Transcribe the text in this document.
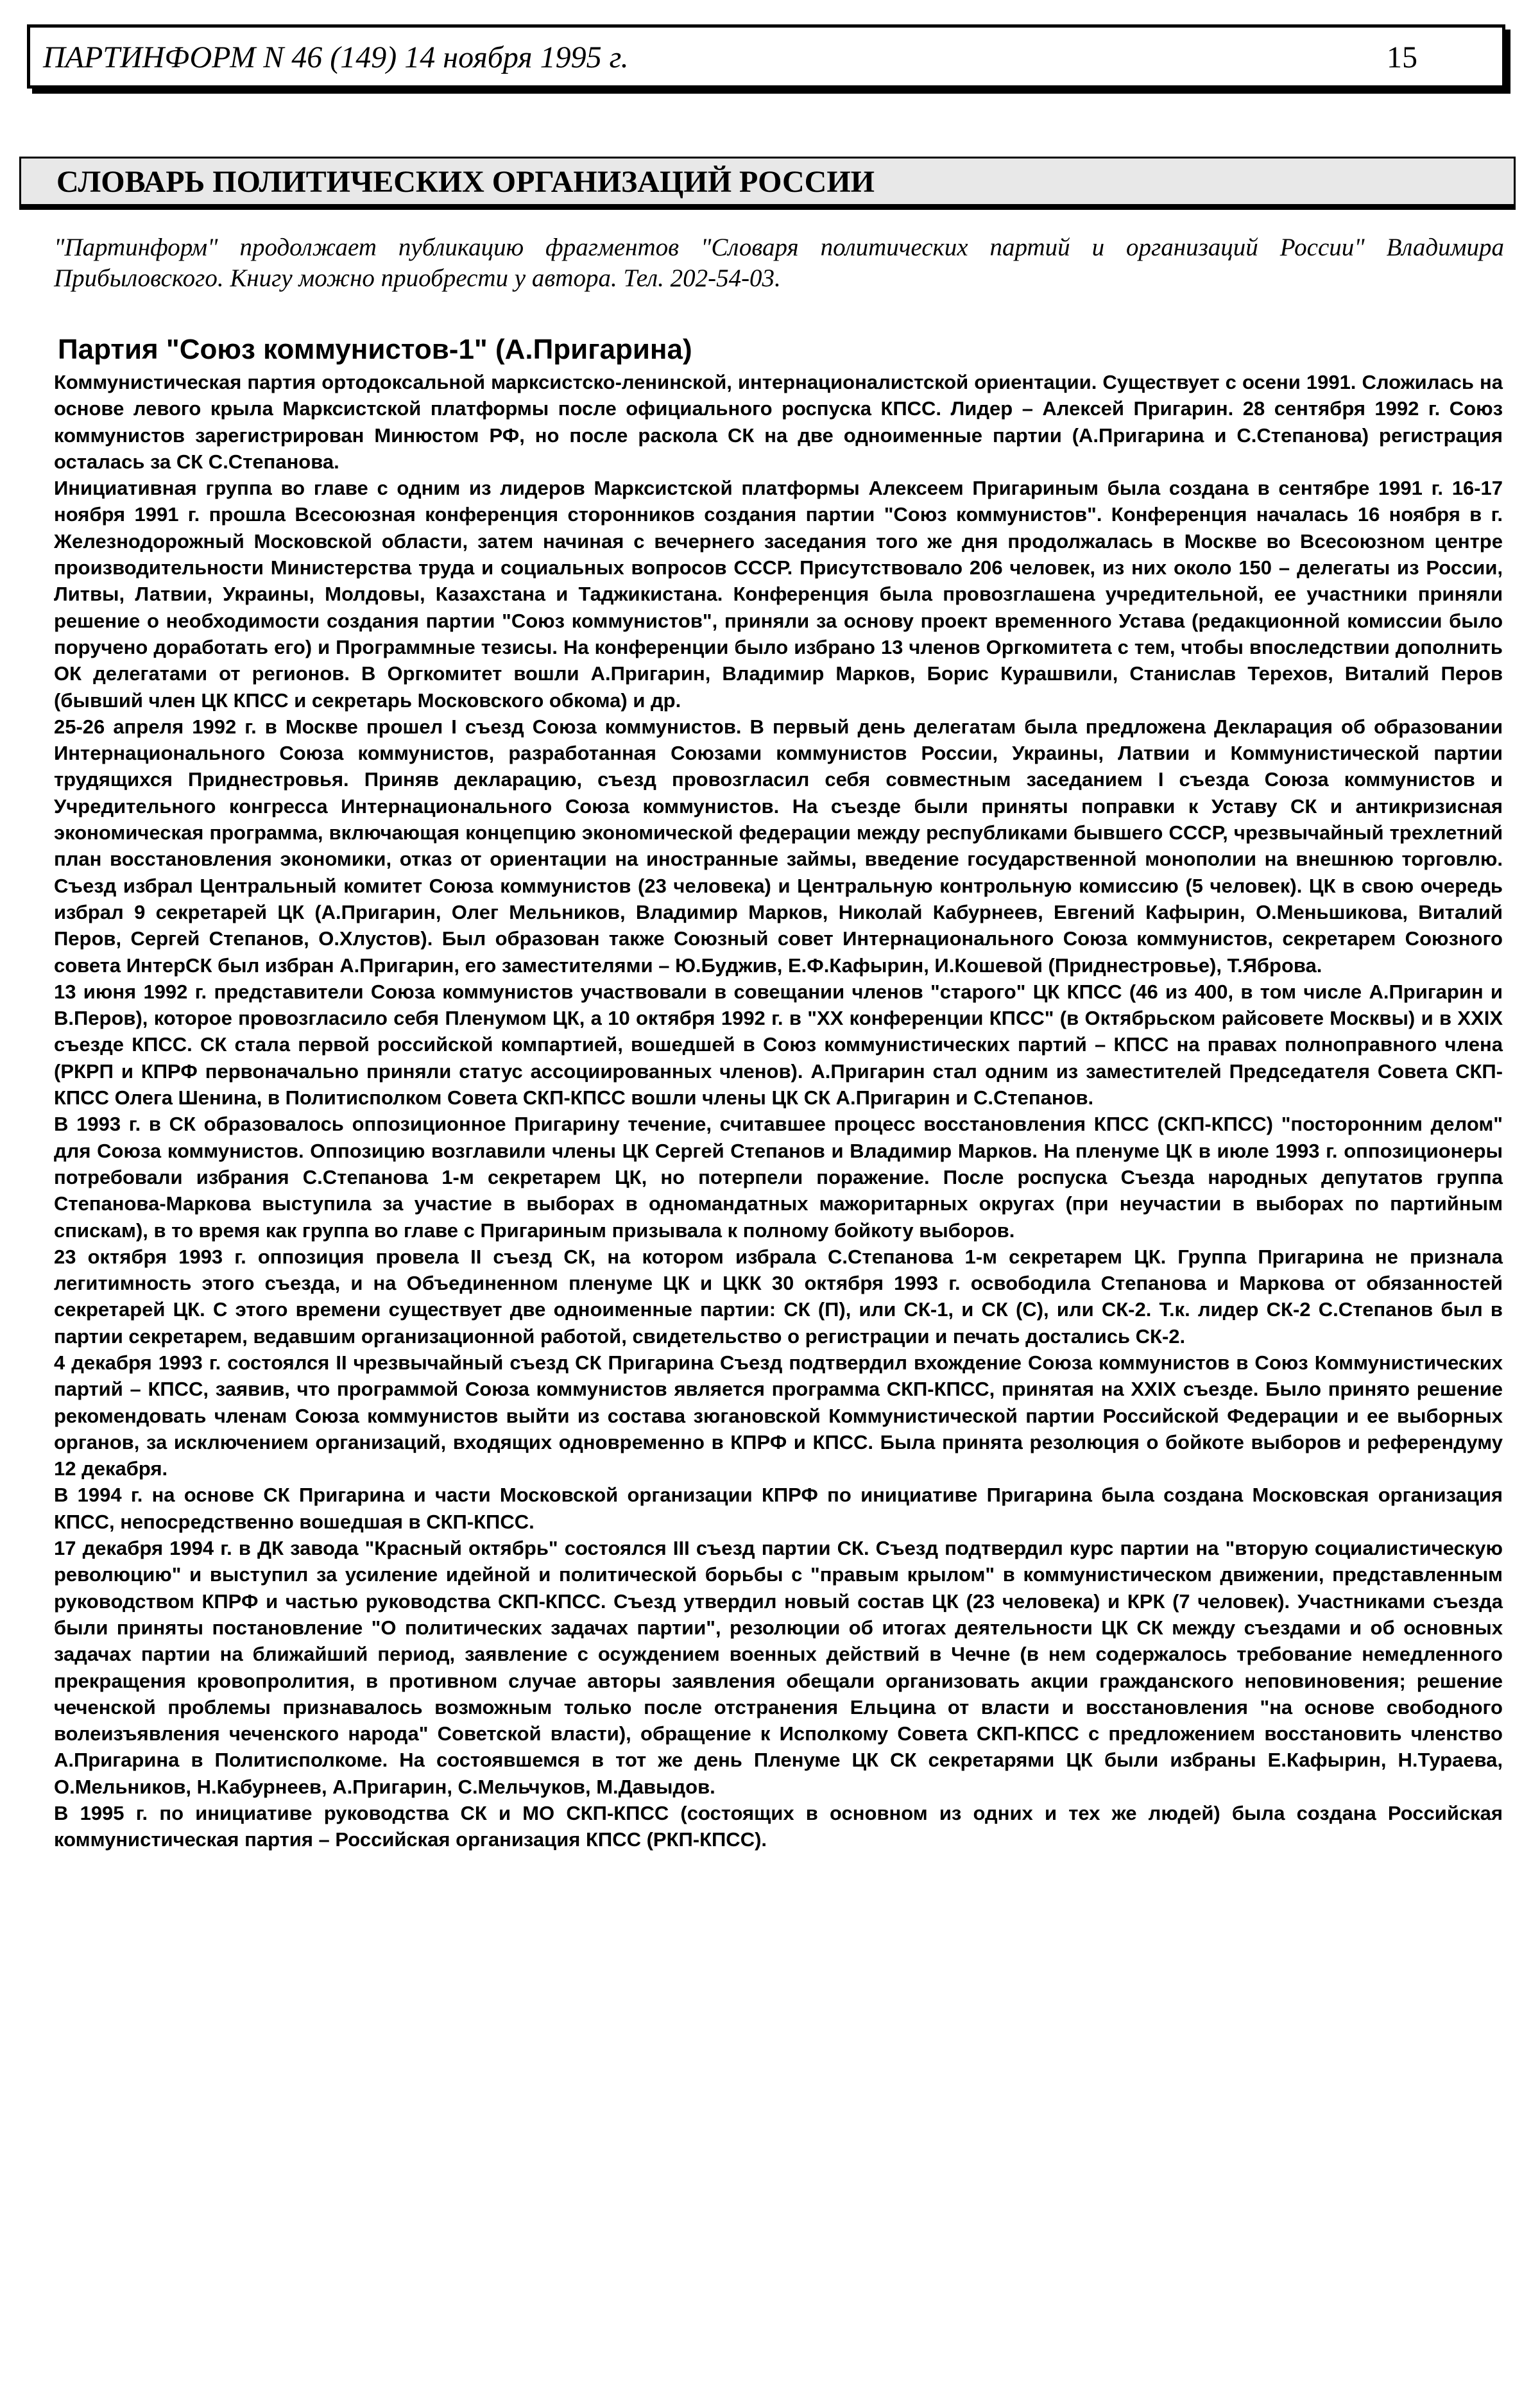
ПАРТИНФОРМ N 46 (149) 14 ноября 1995 г.	15
СЛОВАРЬ ПОЛИТИЧЕСКИХ ОРГАНИЗАЦИЙ РОССИИ
"Партинформ" продолжает публикацию фрагментов "Словаря политических партий и организаций России" Владимира Прибыловского. Книгу можно приобрести у автора. Тел. 202-54-03.
Партия "Союз коммунистов-1" (А.Пригарина)

Коммунистическая партия ортодоксальной марксистско-ленинской, интернационалистской ориентации. Существует с осени 1991. Сложилась на основе левого крыла Марксистской платформы после официального роспуска КПСС. Лидер – Алексей Пригарин. 28 сентября 1992 г. Союз коммунистов зарегистрирован Минюстом РФ, но после раскола СК на две одноименные партии (А.Пригарина и С.Степанова) регистрация осталась за СК С.Степанова.

Инициативная группа во главе с одним из лидеров Марксистской платформы Алексеем Пригариным была создана в сентябре 1991 г. 16-17 ноября 1991 г. прошла Всесоюзная конференция сторонников создания партии "Союз коммунистов". Конференция началась 16 ноября в г. Железнодорожный Московской области, затем начиная с вечернего заседания того же дня продолжалась в Москве во Всесоюзном центре производительности Министерства труда и социальных вопросов СССР. Присутствовало 206 человек, из них около 150 – делегаты из России, Литвы, Латвии, Украины, Молдовы, Казахстана и Таджикистана. Конференция была провозглашена учредительной, ее участники приняли решение о необходимости создания партии "Союз коммунистов", приняли за основу проект временного Устава (редакционной комиссии было поручено доработать его) и Программные тезисы. На конференции было избрано 13 членов Оргкомитета с тем, чтобы впоследствии дополнить ОК делегатами от регионов. В Оргкомитет вошли А.Пригарин, Владимир Марков, Борис Курашвили, Станислав Терехов, Виталий Перов (бывший член ЦК КПСС и секретарь Московского обкома) и др.

25-26 апреля 1992 г. в Москве прошел I съезд Союза коммунистов. В первый день делегатам была предложена Декларация об образовании Интернационального Союза коммунистов, разработанная Союзами коммунистов России, Украины, Латвии и Коммунистической партии трудящихся Приднестровья. Приняв декларацию, съезд провозгласил себя совместным заседанием I съезда Союза коммунистов и Учредительного конгресса Интернационального Союза коммунистов. На съезде были приняты поправки к Уставу СК и антикризисная экономическая программа, включающая концепцию экономической федерации между республиками бывшего СССР, чрезвычайный трехлетний план восстановления экономики, отказ от ориентации на иностранные займы, введение государственной монополии на внешнюю торговлю. Съезд избрал Центральный комитет Союза коммунистов (23 человека) и Центральную контрольную комиссию (5 человек). ЦК в свою очередь избрал 9 секретарей ЦК (А.Пригарин, Олег Мельников, Владимир Марков, Николай Кабурнеев, Евгений Кафырин, О.Меньшикова, Виталий Перов, Сергей Степанов, О.Хлустов). Был образован также Союзный совет Интернационального Союза коммунистов, секретарем Союзного совета ИнтерСК был избран А.Пригарин, его заместителями – Ю.Буджив, Е.Ф.Кафырин, И.Кошевой (Приднестровье), Т.Яброва.

13 июня 1992 г. представители Союза коммунистов участвовали в совещании членов "старого" ЦК КПСС (46 из 400, в том числе А.Пригарин и В.Перов), которое провозгласило себя Пленумом ЦК, а 10 октября 1992 г. в "XX конференции КПСС" (в Октябрьском райсовете Москвы) и в XXIX съезде КПСС. СК стала первой российской компартией, вошедшей в Союз коммунистических партий – КПСС на правах полноправного члена (РКРП и КПРФ первоначально приняли статус ассоциированных членов). А.Пригарин стал одним из заместителей Председателя Совета СКП-КПСС Олега Шенина, в Политисполком Совета СКП-КПСС вошли члены ЦК СК А.Пригарин и С.Степанов.

В 1993 г. в СК образовалось оппозиционное Пригарину течение, считавшее процесс восстановления КПСС (СКП-КПСС) "посторонним делом" для Союза коммунистов. Оппозицию возглавили члены ЦК Сергей Степанов и Владимир Марков. На пленуме ЦК в июле 1993 г. оппозиционеры потребовали избрания С.Степанова 1-м секретарем ЦК, но потерпели поражение. После роспуска Съезда народных депутатов группа Степанова-Маркова выступила за участие в выборах в одномандатных мажоритарных округах (при неучастии в выборах по партийным спискам), в то время как группа во главе с Пригариным призывала к полному бойкоту выборов.

23 октября 1993 г. оппозиция провела II съезд СК, на котором избрала С.Степанова 1-м секретарем ЦК. Группа Пригарина не признала легитимность этого съезда, и на Объединенном пленуме ЦК и ЦКК 30 октября 1993 г. освободила Степанова и Маркова от обязанностей секретарей ЦК. С этого времени существует две одноименные партии: СК (П), или СК-1, и СК (С), или СК-2. Т.к. лидер СК-2 С.Степанов был в партии секретарем, ведавшим организационной работой, свидетельство о регистрации и печать достались СК-2.

4 декабря 1993 г. состоялся II чрезвычайный съезд СК Пригарина Съезд подтвердил вхождение Союза коммунистов в Союз Коммунистических партий – КПСС, заявив, что программой Союза коммунистов является программа СКП-КПСС, принятая на XXIX съезде. Было принято решение рекомендовать членам Союза коммунистов выйти из состава зюгановской Коммунистической партии Российской Федерации и ее выборных органов, за исключением организаций, входящих одновременно в КПРФ и КПСС. Была принята резолюция о бойкоте выборов и референдуму 12 декабря.

В 1994 г. на основе СК Пригарина и части Московской организации КПРФ по инициативе Пригарина была создана Московская организация КПСС, непосредственно вошедшая в СКП-КПСС.

17 декабря 1994 г. в ДК завода "Красный октябрь" состоялся III съезд партии СК. Съезд подтвердил курс партии на "вторую социалистическую революцию" и выступил за усиление идейной и политической борьбы с "правым крылом" в коммунистическом движении, представленным руководством КПРФ и частью руководства СКП-КПСС. Съезд утвердил новый состав ЦК (23 человека) и КРК (7 человек). Участниками съезда были приняты постановление "О политических задачах партии", резолюции об итогах деятельности ЦК СК между съездами и об основных задачах партии на ближайший период, заявление с осуждением военных действий в Чечне (в нем содержалось требование немедленного прекращения кровопролития, в противном случае авторы заявления обещали организовать акции гражданского неповиновения; решение чеченской проблемы признавалось возможным только после отстранения Ельцина от власти и восстановления "на основе свободного волеизъявления чеченского народа" Советской власти), обращение к Исполкому Совета СКП-КПСС с предложением восстановить членство А.Пригарина в Политисполкоме. На состоявшемся в тот же день Пленуме ЦК СК секретарями ЦК были избраны Е.Кафырин, Н.Тураева, О.Мельников, Н.Кабурнеев, А.Пригарин, С.Мельчуков, М.Давыдов.

В 1995 г. по инициативе руководства СК и МО СКП-КПСС (состоящих в основном из одних и тех же людей) была создана Российская коммунистическая партия – Российская организация КПСС (РКП-КПСС).
